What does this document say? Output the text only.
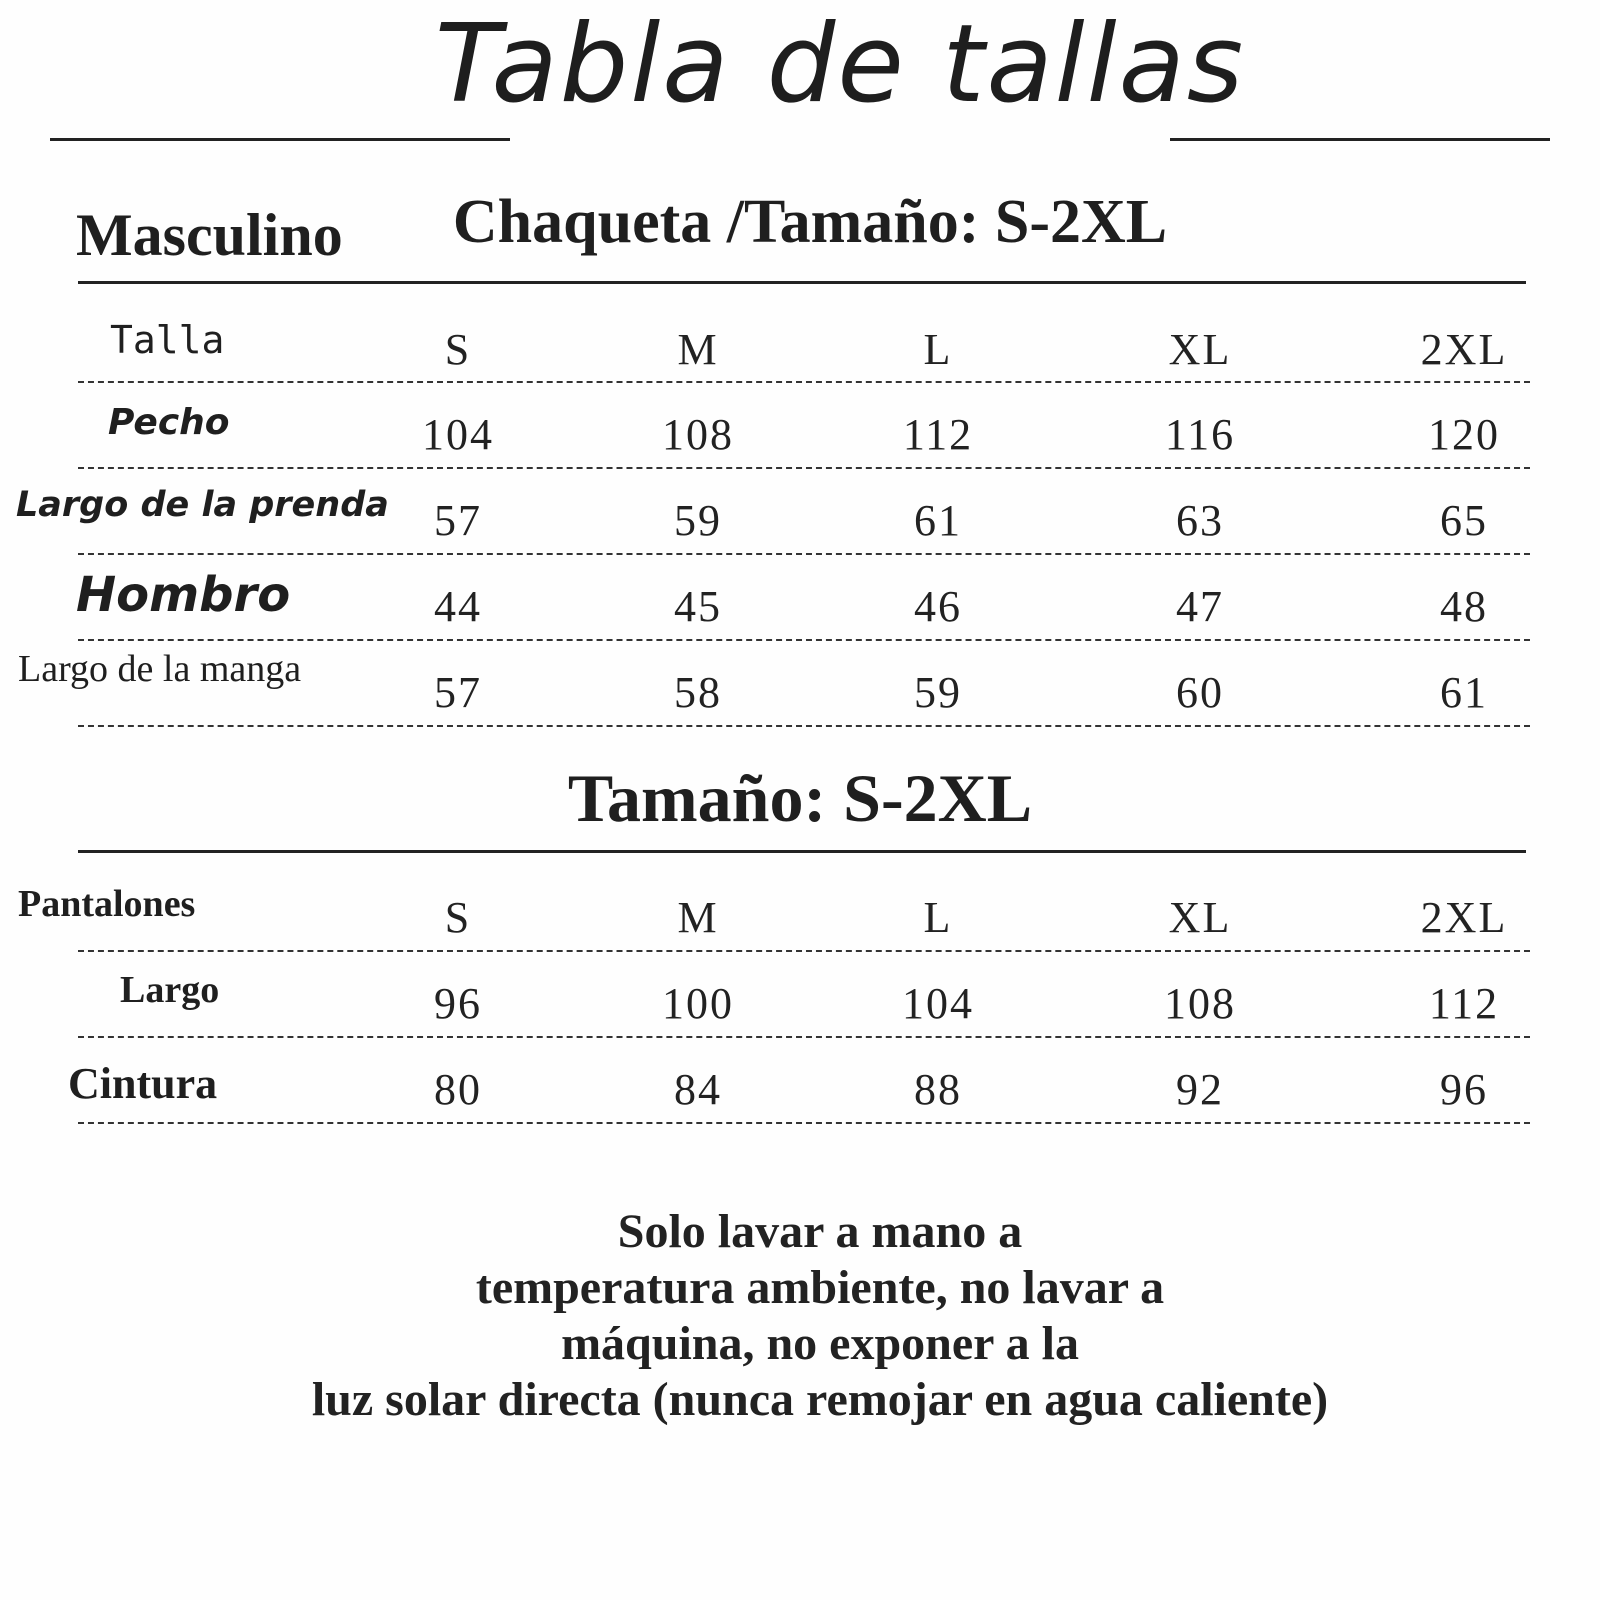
Tabla de tallas
Masculino Chaqueta /Tamaño: S-2XL
Talla	S	M	L	XL	2XL
Pecho	104	108	112	116	120
Largo de la prenda	57	59	61	63	65
Hombro	44	45	46	47	48
Largo de la manga	57	58	59	60	61
Tamaño: S-2XL
Pantalones	S	M	L	XL	2XL
Largo	96	100	104	108	112
Cintura	80	84	88	92	96
Solo lavar a mano a
temperatura ambiente, no lavar a
máquina, no exponer a la
luz solar directa (nunca remojar en agua caliente)
